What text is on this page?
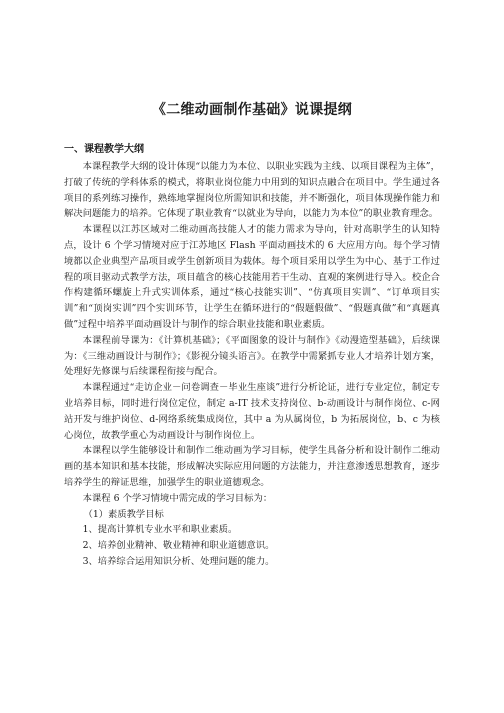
《二维动画制作基础》说课提纲
一、课程教学大纲

本课程教学大纲的设计体现“以能力为本位、以职业实践为主线、以项目课程为主体”，打破了传统的学科体系的模式，将职业岗位能力中用到的知识点融合在项目中。学生通过各项目的系列练习操作，熟练地掌握岗位所需知识和技能，并不断强化，项目体现操作能力和解决问题能力的培养。它体现了职业教育“以就业为导向，以能力为本位”的职业教育理念。

本课程以江苏区域对二维动画高技能人才的能力需求为导向，针对高职学生的认知特点，设计 6 个学习情境对应于江苏地区 Flash 平面动画技术的 6 大应用方向。每个学习情境都以企业典型产品项目或学生创新项目为载体。每个项目采用以学生为中心、基于工作过程的项目驱动式教学方法，项目蕴含的核心技能用若干生动、直观的案例进行导入。校企合作构建循环螺旋上升式实训体系，通过“核心技能实训”、“仿真项目实训”、“订单项目实训”和“顶岗实训”四个实训环节，让学生在循环进行的“假题假做”、“假题真做”和“真题真做”过程中培养平面动画设计与制作的综合职业技能和职业素质。

本课程前导课为：《计算机基础》；《平面图象的设计与制作》《动漫造型基础》，后续课为：《三维动画设计与制作》；《影视分镜头语言》。在教学中需紧抓专业人才培养计划方案，处理好先修课与后续课程衔接与配合。

本课程通过“走访企业－问卷调查－毕业生座谈”进行分析论证，进行专业定位，制定专业培养目标，同时进行岗位定位，制定 a-IT 技术支持岗位、b-动画设计与制作岗位、c-网站开发与维护岗位、d-网络系统集成岗位，其中 a 为从属岗位，b 为拓展岗位，b、c 为核心岗位，故教学重心为动画设计与制作岗位上。

本课程以学生能够设计和制作二维动画为学习目标，使学生具备分析和设计制作二维动画的基本知识和基本技能，形成解决实际应用问题的方法能力，并注意渗透思想教育，逐步培养学生的辩证思维，加强学生的职业道德观念。

本课程 6 个学习情境中需完成的学习目标为：

（1）素质教学目标

1、提高计算机专业水平和职业素质。

2、培养创业精神、敬业精神和职业道德意识。

3、培养综合运用知识分析、处理问题的能力。
